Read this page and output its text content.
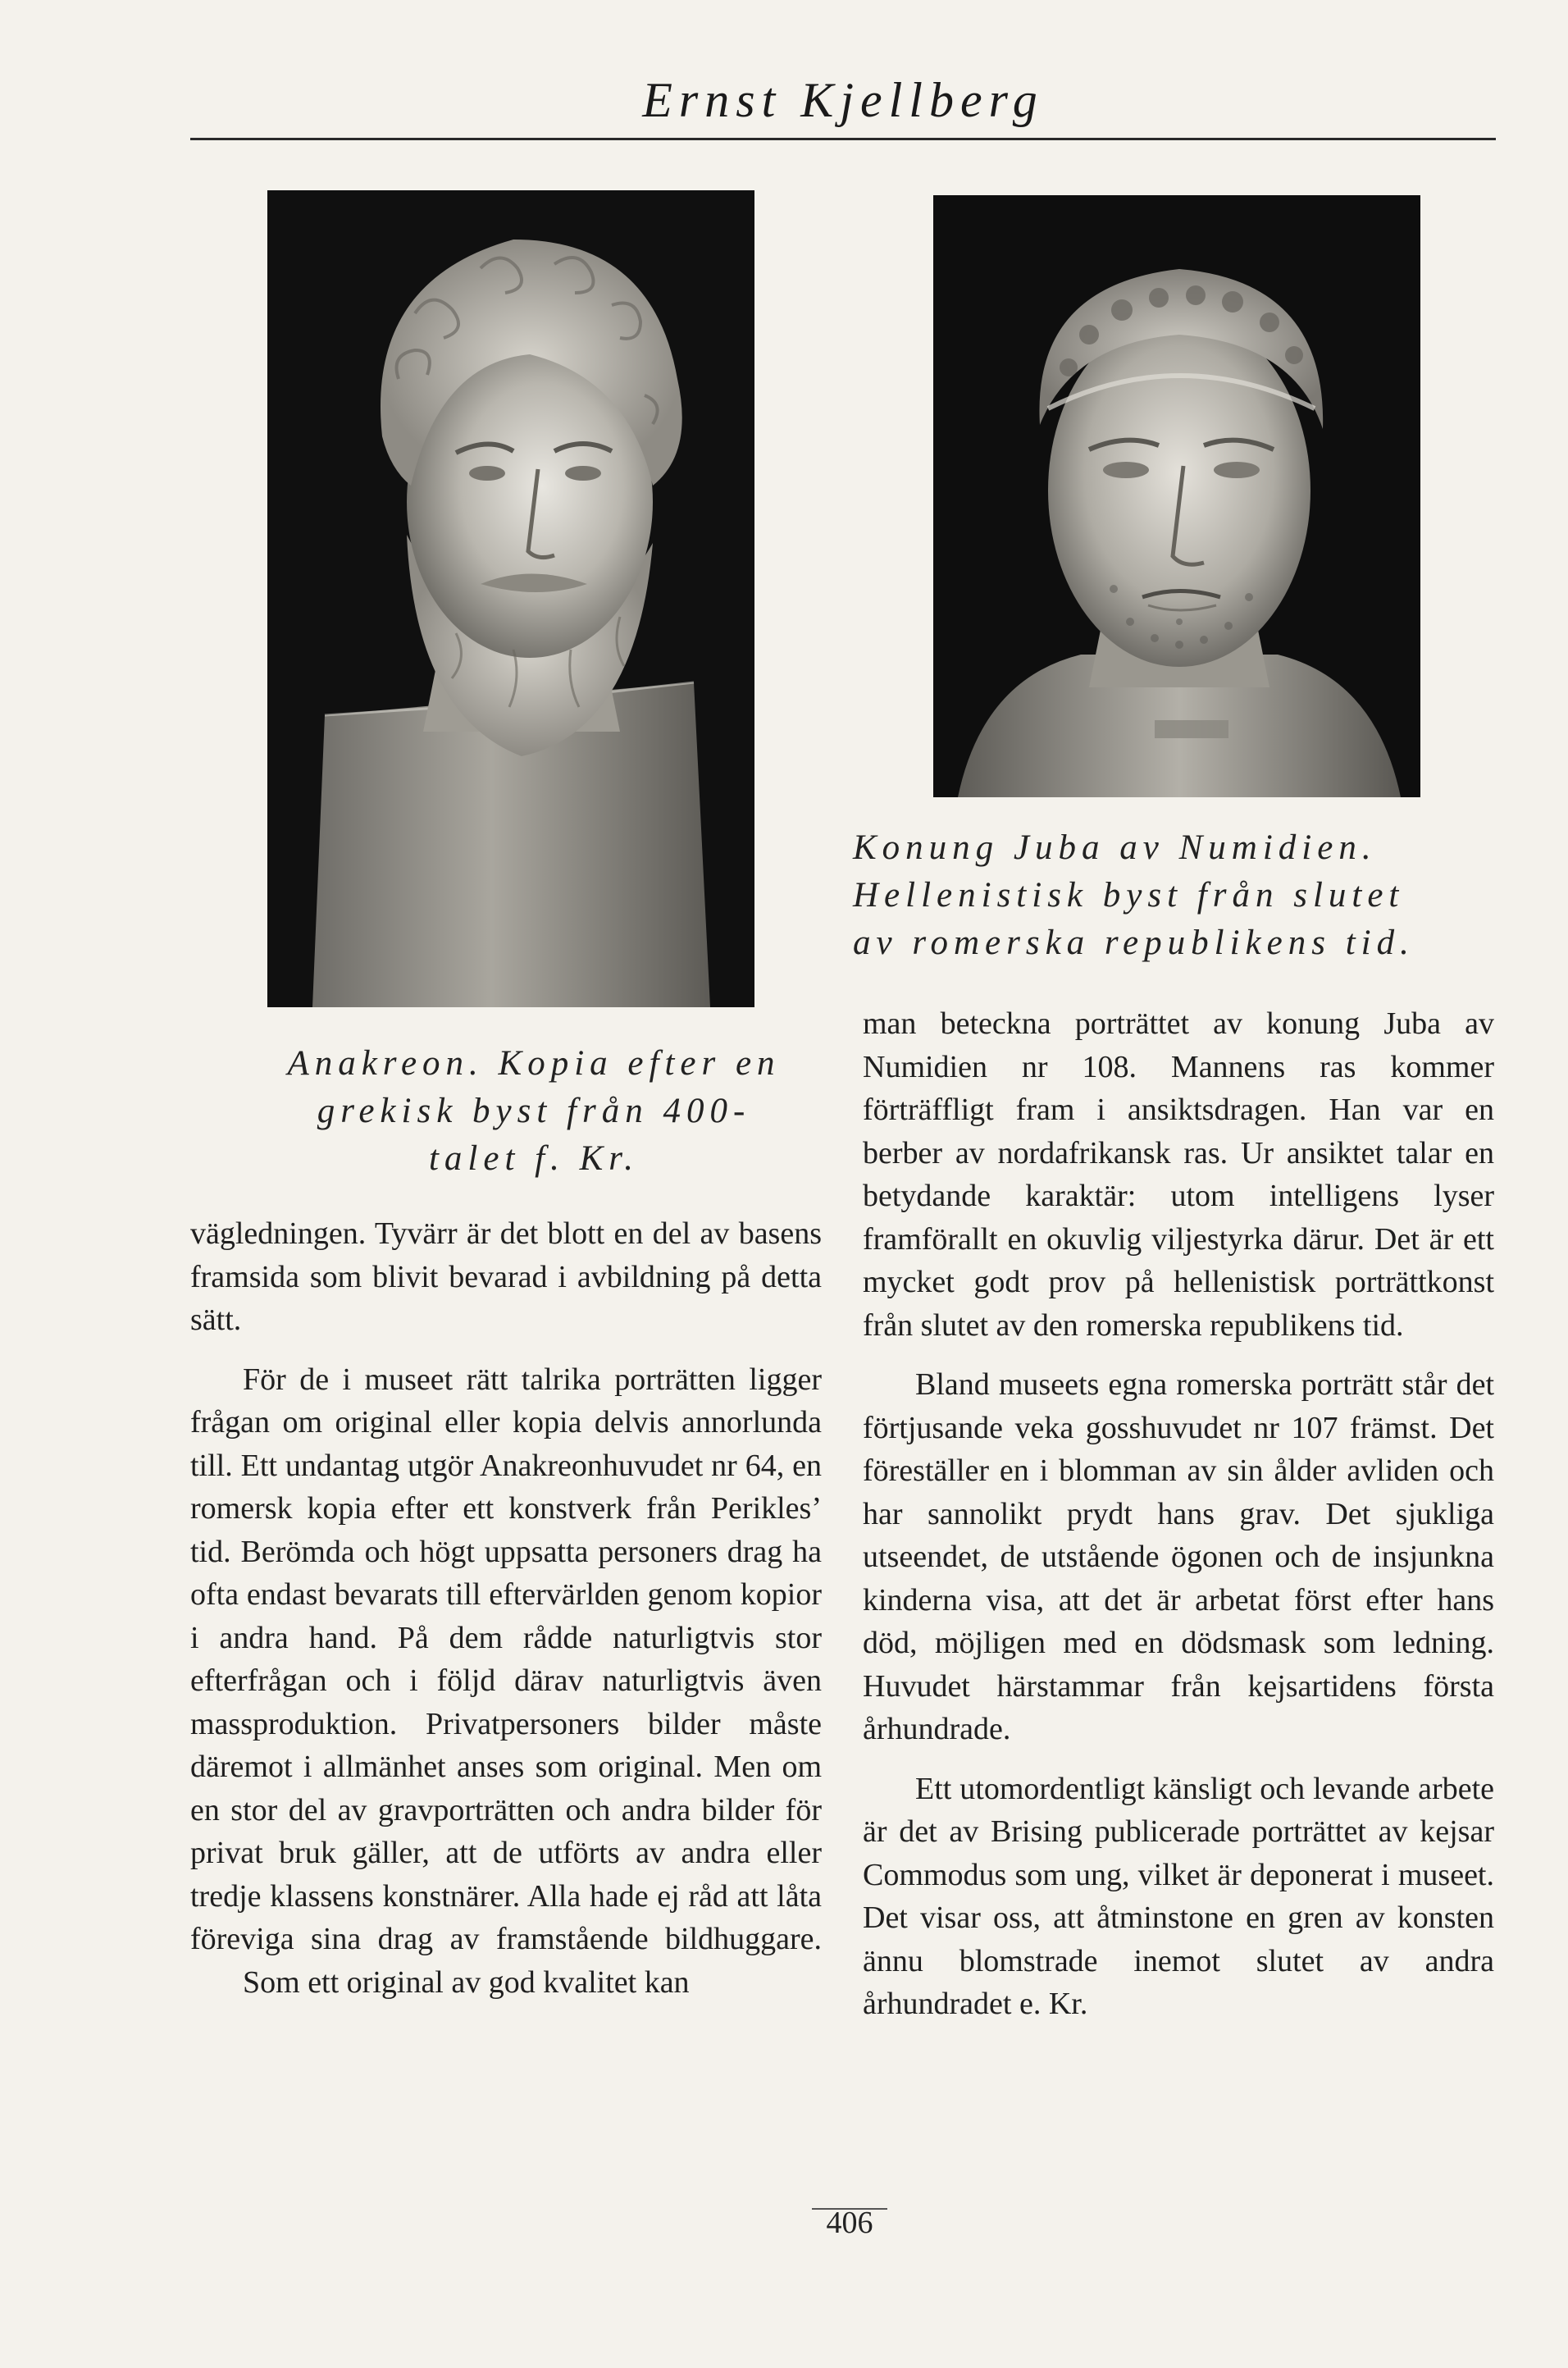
Ernst Kjellberg
Anakreon. Kopia efter en
grekisk byst från 400-
talet f. Kr.
Konung Juba av Numidien.
Hellenistisk byst från slutet
av romerska republikens tid.

vägledningen. Tyvärr är det blott en del av basens framsida som blivit bevarad i avbildning på detta sätt.

För de i museet rätt talrika porträtten ligger frågan om original eller kopia delvis annorlunda till. Ett undantag utgör Anakreonhuvudet nr 64, en romersk kopia efter ett konstverk från Perikles’ tid. Berömda och högt uppsatta personers drag ha ofta endast bevarats till eftervärlden genom kopior i andra hand. På dem rådde naturligtvis stor efterfrågan och i följd därav naturligtvis även massproduktion. Privatpersoners bilder måste däremot i allmänhet anses som original. Men om en stor del av gravporträtten och andra bilder för privat bruk gäller, att de utförts av andra eller tredje klassens konstnärer. Alla hade ej råd att låta föreviga sina drag av framstående bildhuggare.

Som ett original av god kvalitet kan

man beteckna porträttet av konung Juba av Numidien nr 108. Mannens ras kommer förträffligt fram i ansiktsdragen. Han var en berber av nordafrikansk ras. Ur ansiktet talar en betydande karaktär: utom intelligens lyser framförallt en okuvlig viljestyrka därur. Det är ett mycket godt prov på hellenistisk porträttkonst från slutet av den romerska republikens tid.

Bland museets egna romerska porträtt står det förtjusande veka gosshuvudet nr 107 främst. Det föreställer en i blomman av sin ålder avliden och har sannolikt prydt hans grav. Det sjukliga utseendet, de utstående ögonen och de insjunkna kinderna visa, att det är arbetat först efter hans död, möjligen med en dödsmask som ledning. Huvudet härstammar från kejsartidens första århundrade.

Ett utomordentligt känsligt och levande arbete är det av Brising publicerade porträttet av kejsar Commodus som ung, vilket är deponerat i museet. Det visar oss, att åtminstone en gren av konsten ännu blomstrade inemot slutet av andra århundradet e. Kr.

406
